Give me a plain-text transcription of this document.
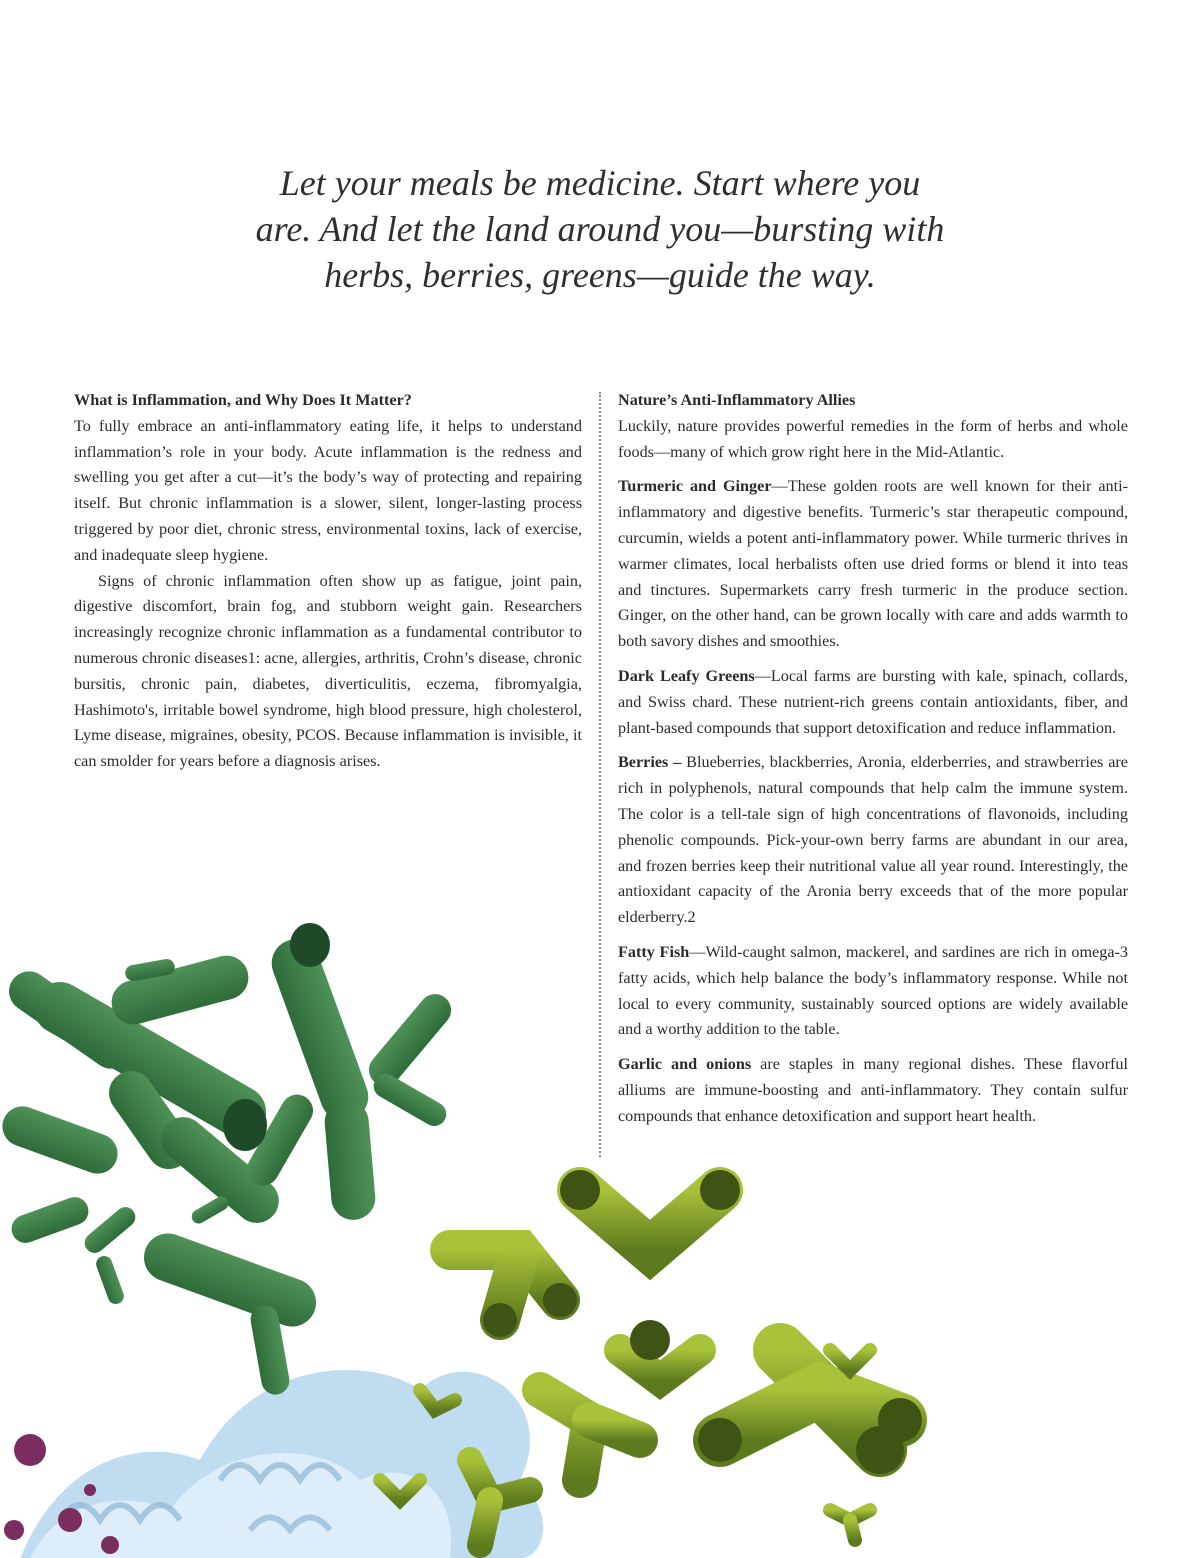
Let your meals be medicine. Start where you
are. And let the land around you—bursting with
herbs, berries, greens—guide the way.
What is Inflammation, and Why Does It Matter?

To fully embrace an anti-inflammatory eating life, it helps to understand inflammation’s role in your body. Acute inflammation is the redness and swelling you get after a cut—it’s the body’s way of protecting and repairing itself. But chronic inflammation is a slower, silent, longer-lasting process triggered by poor diet, chronic stress, environmental toxins, lack of exercise, and inadequate sleep hygiene.

Signs of chronic inflammation often show up as fatigue, joint pain, digestive discomfort, brain fog, and stubborn weight gain. Researchers increasingly recognize chronic inflammation as a fundamental contributor to numerous chronic diseases1: acne, allergies, arthritis, Crohn’s disease, chronic bursitis, chronic pain, diabetes, diverticulitis, eczema, fibromyalgia, Hashimoto's, irritable bowel syndrome, high blood pressure, high cholesterol, Lyme disease, migraines, obesity, PCOS. Because inflammation is invisible, it can smolder for years before a diagnosis arises.

Nature’s Anti-Inflammatory Allies

Luckily, nature provides powerful remedies in the form of herbs and whole foods—many of which grow right here in the Mid-Atlantic.

Turmeric and Ginger—These golden roots are well known for their anti-inflammatory and digestive benefits. Turmeric’s star therapeutic compound, curcumin, wields a potent anti-inflammatory power. While turmeric thrives in warmer climates, local herbalists often use dried forms or blend it into teas and tinctures. Supermarkets carry fresh turmeric in the produce section. Ginger, on the other hand, can be grown locally with care and adds warmth to both savory dishes and smoothies.

Dark Leafy Greens—Local farms are bursting with kale, spinach, collards, and Swiss chard. These nutrient-rich greens contain antioxidants, fiber, and plant-based compounds that support detoxification and reduce inflammation.

Berries – Blueberries, blackberries, Aronia, elderberries, and strawberries are rich in polyphenols, natural compounds that help calm the immune system. The color is a tell-tale sign of high concentrations of flavonoids, including phenolic compounds. Pick-your-own berry farms are abundant in our area, and frozen berries keep their nutritional value all year round. Interestingly, the antioxidant capacity of the Aronia berry exceeds that of the more popular elderberry.2

Fatty Fish—Wild-caught salmon, mackerel, and sardines are rich in omega-3 fatty acids, which help balance the body’s inflammatory response. While not local to every community, sustainably sourced options are widely available and a worthy addition to the table.

Garlic and onions are staples in many regional dishes. These flavorful alliums are immune-boosting and anti-inflammatory. They contain sulfur compounds that enhance detoxification and support heart health.
